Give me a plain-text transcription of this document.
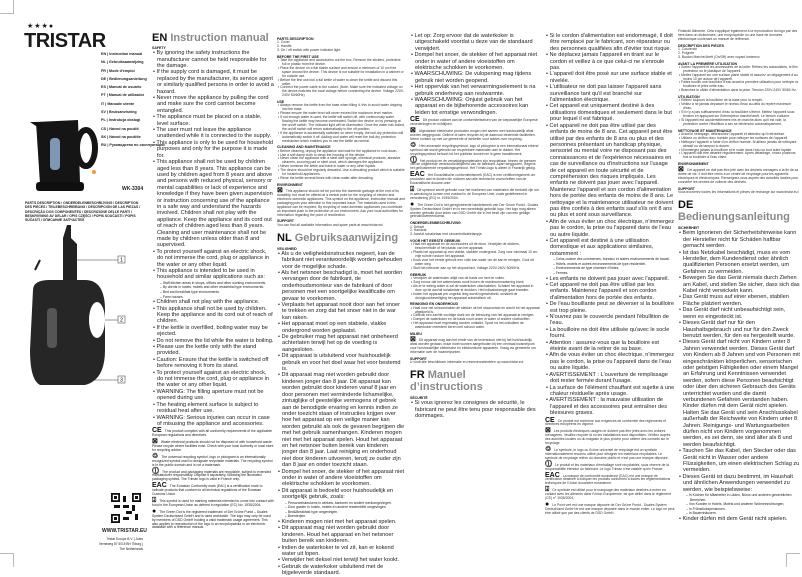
★★★●
TRISTAR
EN | Instruction manual
NL | Gebruiksaanwijzing
FR | Mode d'emploi
DE | Bedienungsanleitung
ES | Manual de usuario
PT | Manual de utilizador
IT | Manuale utente
SV | Bruksanvisning
PL | Instrukcja obsługi
CS | Návod na použití
SK | Návod na použitie
RU | Руководство по эксплуатации
WK-3304
PARTS DESCRIPTION / ONDERDELENBESCHRIJVING / DESCRIPTION DES PIÈCES / TEILEBESCHREIBUNG / DESCRIPCIÓN DE LAS PIEZAS / DESCRIÇÃO DOS COMPONENTES / DESCRIZIONE DELLE PARTI / BESKRIVNING AV DELAR / OPIS CZĘŚCI / POPIS SOUČÁSTÍ / POPIS SÚČASTÍ / ОПИСАНИЕ ЗАПЧАСТЕЙ
1
2
3
WWW.TRISTAR.EU
Tristar Europe B.V. | Jules Verneweg 87 5015 BH Tilburg | The Netherlands
EN Instruction manual
SAFETY
• By ignoring the safety instructions the manufacturer cannot be held responsible for the damage.
• If the supply cord is damaged, it must be replaced by the manufacturer, its service agent or similarly qualified persons in order to avoid a hazard.
• Never move the appliance by pulling the cord and make sure the cord cannot become entangled.
• The appliance must be placed on a stable, level surface.
• The user must not leave the appliance unattended while it is connected to the supply.
• This appliance is only to be used for household purposes and only for the purpose it is made for.
• This appliance shall not be used by children aged less than 8 years. This appliance can be used by children aged from 8 years and above and persons with reduced physical, sensory or mental capabilities or lack of experience and knowledge if they have been given supervision or instruction concerning use of the appliance in a safe way and understand the hazards involved. Children shall not play with the appliance. Keep the appliance and its cord out of reach of children aged less than 8 years. Cleaning and user maintenance shall not be made by children unless older than 8 and supervised.
• To protect yourself against an electric shock, do not immerse the cord, plug or appliance in the water or any other liquid.
• This appliance is intended to be used in household and similar applications such as:
– Staff kitchen areas in shops, offices and other working environments.
– By clients in hotels, motels and other residential type environments.
– Bed and breakfast type environments.
– Farm houses.
• Children shall not play with the appliance.
• This appliance shall not be used by children. Keep the appliance and its cord out of reach of children.
• If the kettle is overfilled, boiling water may be ejected.
• Do not remove the lid while the water is boiling.
• Please use the kettle only with the stand provided.
• Caution: Ensure that the kettle is switched off before removing it from its stand.
• To protect yourself against an electric shock, do not immerse the cord, plug or appliance in the water or any other liquid.
• WARNING: The filling aperture must not be opened during use.
• The heating element surface is subject to residual heat after use.
• WARNING: Serious injuries can occur in case of misusing the appliance and accessories.
CE This product complies with all conformity requirements of the applicable European regulations and directives.
⊠ Waste electrical products should not be disposed of with household waste. Please recycle where facilities exist. Check with your local Authority or local store for recycling advice.
♲ The universal recycling symbol, logo or pictogram is an internationally recognized symbol used to designate recyclable materials. The recycling symbol is in the public domain and is not a trademark.
⓵ The product and packaging materials are recyclable, subject to extended manufacturer responsibility. Dispose it separately, following the illustrated packaging symbol. The Triman logo is valid in France only.
EAC The Eurasian Conformity mark (EAC) is a certification mark to indicate products that conform to all technical regulations of the Eurasian Customs Union.
⍗ This symbol is used for marking materials intended to come into contact with food in the European Union as defined in regulation (EC) No. 1935/2004.
● The Green Dot is the registered trademark of Der Grüne Punkt – Duales System Deutschland GmbH and is used worldwide. The logo may only be used by members of DSD GmbH holding a valid trademark usage agreement. This also applies to reproduction of the logo in an encyclopaedia or an electronic database with a reference manual.
PARTS DESCRIPTION
1. Cover
2. Handle
3. On / off switch with power indicator light
BEFORE THE FIRST USE
• Take the appliance and accessories out the box. Remove the stickers, protective foil or plastic from the device.
• Place the device on a flat stable surface and ensure a minimum of 10 cm free space around the device. This device is not suitable for installation in a cabinet or for outside use.
• Before the first use boil a full kettle of water to clean the kettle and discard this water.
• Connect the power cable to the socket. (Note: Make sure the indicated voltage on the device matches the local voltage before connecting the device. Voltage 220V-240V 50/60Hz)
USE
• Always remove the kettle from the base when filling it, this to avoid water dripping into the base.
• Please ensure the water level will never exceed the maximum level marker.
• If not enough water is used, the kettle will switch off, with continuously water flowing the kettle may become overheated. Switch the device on by pressing at the on/off switch. The indicator light will be illuminated. Once the water has boiled, the on/off switch will return automatically to the off position.
• If the appliance is accidentally switched on when empty, the boil-dry protection will automatically switch it off. Adding cool water will reset the boil-dry protection mechanism which enables you to use the kettle as normal.
CLEANING AND MAINTENANCE
• Before cleaning, unplug the appliance and wait for the appliance to cool down.
• Use a soft damp cloth to clean the housing of the device.
• Never clean the appliance with a steel wire sponge, chemical products, abrasive cleaners, scouring pad or steel wool, which damages the appliance.
• Never immerse the kettle and base in water or any other liquids.
• The device should be regularly descaled. Use a descaling product which is suitable for household appliances.
• Rinse the kettle several times with clean water after descaling.
ENVIRONMENT
⊠ This appliance should not be put into the domestic garbage at the end of its durability, but must be offered at a central point for the recycling of electric and electronic domestic appliances. This symbol on the appliance, instruction manual and packaging puts your attention to this important issue. The materials used in this appliance can be recycled. By recycling of used domestic appliances you contribute an important push to the protection of our environment. Ask your local authorities for information regarding the point of recollection.
SUPPORT
You can find all available information and spare parts at www.tristar.eu!
NL Gebruiksaanwijzing
VEILIGHEID
• Als u de veiligheidsinstructies negeert, kan de fabrikant niet verantwoordelijk worden gehouden voor de mogelijke schade.
• Als het netsnoer beschadigd is, moet het worden vervangen door de fabrikant, de onderhoudsmonteur van de fabrikant of door personen met een soortgelijke kwalificatie om gevaar te voorkomen.
• Verplaats het apparaat nooit door aan het snoer te trekken en zorg dat het snoer niet in de war kan raken.
• Het apparaat moet op een stabiele, vlakke ondergrond worden geplaatst.
• De gebruiker mag het apparaat niet onbeheerd achterlaten terwijl het op de voeding is aangesloten.
• Dit apparaat is uitsluitend voor huishoudelijk gebruik en voor het doel waar het voor bestemd is.
• Dit apparaat mag niet worden gebruikt door kinderen jonger dan 8 jaar. Dit apparaat kan worden gebruikt door kinderen vanaf 8 jaar en door personen met verminderde lichamelijke, zintuiglijke of geestelijke vermogens of gebrek aan de benodigde ervaring en kennis indien ze onder toezicht staan of instructies krijgen over hoe het apparaat op een veilige manier kan worden gebruikt als ook de gevaren begrijpen die met het gebruik samenhangen. Kinderen mogen niet met het apparaat spelen. Houd het apparaat en het netsnoer buiten bereik van kinderen jonger dan 8 jaar. Laat reiniging en onderhoud niet door kinderen uitvoeren, tenzij ze ouder zijn dan 8 jaar en onder toezicht staan.
• Dompel het snoer, de stekker of het apparaat niet onder in water of andere vloeistoffen om elektrische schokken te voorkomen.
• Dit apparaat is bedoeld voor huishoudelijk en soortgelijk gebruik, zoals:
– Personeelskeukens in winkels, kantoren en andere werkomgevingen.
– Door gasten in hotels, motels en andere residentiële omgevingen.
– Bed&Breakfast type omgevingen.
– Boerderijen.
• Kinderen mogen niet met het apparaat spelen.
• Dit apparaat mag niet worden gebruikt door kinderen. Houd het apparaat en het netsnoer buiten bereik van kinderen.
• Indien de waterkoker te vol zit, kan er kokend water uit lopen.
• Verwijder het deksel niet terwijl het water kookt.
• Gebruik de waterkoker uitsluitend met de bijgeleverde standaard.
• Let op: Zorg ervoor dat de waterkoker is uitgeschakeld voordat u deze van de standaard verwijdert.
• Dompel het snoer, de stekker of het apparaat niet onder in water of andere vloeistoffen om elektrische schokken te voorkomen.
• WAARSCHUWING: De vulopening mag tijdens gebruik niet worden geopend.
• Het oppervlak van het verwarmingselement is na gebruik onderhevig aan restwarmte.
• WAARSCHUWING: Onjuist gebruik van het apparaat en de bijbehorende accessoires kan leiden tot ernstige verwondingen.
CE Dit product voldoet aan de conformiteitseisen van de toepasselijke Europese verordeningen en richtlijnen.
⊠ Afgedankte elektrische producten mogen niet samen met huishoudelijk afval worden weggegooid. Gelieve te laten recyclen bij de daarvoor bestemde faciliteiten. Neem contact op met uw gemeente of winkelier voor advies over recycling.
♲ Het universele recyclingsymbool, logo of pictogram is een internationaal erkend symbool dat wordt gebruikt om recyclebare materialen aan te duiden. Het recyclingsymbool behoort tot het publieke domein en is geen handelsmerk.
⓵ Het product en de verpakkingsmaterialen zijn recyclebaar, binnen de grenzen van de uitgebreide verantwoordelijkheid van de fabrikant. Apart weggooien, volgens het geïllustreerde verpakkingssymbool. Het Triman-logo is alleen in Frankrijk geldig.
EAC Het Euraziatische conformiteitsmerk (EAC) is een certificeringsmerk om producten aan te duiden die voldoen aan alle technische voorschriften van de Euraziatische douane-unie.
⍗ Dit symbool wordt gebruikt voor het markeren van materialen die bedoeld zijn om in aanraking te komen met voedsel in de Europese Unie, zoals gedefinieerd in verordening (EG) nr. 1935/2004.
● The Green Dot is het geregistreerde handelsmerk van Der Grüne Punkt - Duales System Deutschland GmbH en is een wereldwijd gebruikt logo. Het logo mag alleen worden gebruikt door leden van DSD GmbH die in het bezit zijn van een geldige gebruiksovereenkomst.
ONDERDELENBESCHRIJVING
1. Deksel
2. Handvat
3. Aan/uit schakelaar met stroomindicatielampje
VOOR HET EERSTE GEBRUIK
• Haal het apparaat en de accessoires uit de doos. Verwijder de stickers, beschermfolie of het plastic van het apparaat.
• Plaats het apparaat op een vlakke, stabiele ondergrond. Zorg voor minimaal 10 cm vrije ruimte rondom het apparaat.
• Kook voor het eerste gebruik een volle kan water om de kan te reinigen. Gooi dit water weg.
• Sluit het netsnoer aan op het stopcontact. Voltage 220V-240V 50/60Hz.
GEBRUIK
• Verwijder de waterkoker altijd van de basis om hem te vullen.
• Zorg ervoor dat het waterniveau nooit boven de maximummarkering komt.
• Als er te weinig water is zal de waterkoker uitschakelen. Schakel het apparaat in door op de aan/uit schakelaar te drukken. Het indicatorlampje gaat branden.
• Indien het apparaat per ongeluk leeg wordt ingeschakeld, schakelt de droogkookbeveiliging het apparaat automatisch uit.
REINIGING EN ONDERHOUD
• Haal voor het schoonmaken de stekker uit het stopcontact en wacht tot het apparaat afgekoeld is.
• Gebruik een zachte vochtige doek om de behuizing van het apparaat te reinigen.
• Dompel de waterkoker en de basis nooit onder in water of andere vloeistoffen.
• Het apparaat moet regelmatig worden ontkalkt. Spoel na het ontkalken de waterkoker meerdere keren met schoon water.
MILIEU
⊠ Dit apparaat mag aan het einde van de levensduur niet bij het huishoudelijk afval worden gedaan, maar moet worden aangeboden bij een centraal inzamelpunt voor huishoudelijke elektrische en elektronische apparaten. Vraag uw gemeente om informatie over de inzamelpunten.
SUPPORT
U vindt alle beschikbare informatie en reserveonderdelen op www.tristar.eu!
FR Manuel d’instructions
SÉCURITÉ
• Si vous ignorez les consignes de sécurité, le fabricant ne peut être tenu pour responsable des dommages.
• Si le cordon d'alimentation est endommagé, il doit être remplacé par le fabricant, son réparateur ou des personnes qualifiées afin d'éviter tout risque.
• Ne déplacez jamais l'appareil en tirant sur le cordon et veillez à ce que celui-ci ne s'enroule pas.
• L'appareil doit être posé sur une surface stable et nivelée.
• L'utilisateur ne doit pas laisser l'appareil sans surveillance tant qu'il est branché sur l'alimentation électrique.
• Cet appareil est uniquement destiné à des utilisations domestiques et seulement dans le but pour lequel il est fabriqué.
• Cet appareil ne doit pas être utilisé par des enfants de moins de 8 ans. Cet appareil peut être utilisé par des enfants de 8 ans ou plus et des personnes présentant un handicap physique, sensoriel ou mental voire ne disposant pas des connaissances et de l'expérience nécessaires en cas de surveillance ou d'instructions sur l'usage de cet appareil en toute sécurité et de compréhension des risques impliqués. Les enfants ne doivent pas jouer avec l'appareil. Maintenez l'appareil et son cordon d'alimentation hors de portée des enfants de moins de 8 ans. Le nettoyage et la maintenance utilisateur ne doivent pas être confiés à des enfants sauf s'ils ont 8 ans ou plus et sont sous surveillance.
• Afin de vous éviter un choc électrique, n'immergez pas le cordon, la prise ou l'appareil dans de l'eau ou autre liquide.
• Cet appareil est destiné à une utilisation domestique et aux applications similaires, notamment :
– Coins cuisine des commerces, bureaux et autres environnements de travail.
– Hôtels, motels et autres environnements de type résidentiel.
– Environnements de type chambre d'hôtes.
– Fermes.
• Les enfants ne doivent pas jouer avec l'appareil.
• Cet appareil ne doit pas être utilisé par les enfants. Maintenez l'appareil et son cordon d'alimentation hors de portée des enfants.
• De l'eau bouillante peut se déverser si la bouilloire est trop pleine.
• N'ouvrez pas le couvercle pendant l'ébullition de l'eau.
• La bouilloire ne doit être utilisée qu'avec le socle fourni.
• Attention : assurez-vous que la bouilloire est éteinte avant de la retirer de sa base.
• Afin de vous éviter un choc électrique, n'immergez pas le cordon, la prise ou l'appareil dans de l'eau ou autre liquide.
• AVERTISSEMENT : L'ouverture de remplissage doit rester fermée durant l'usage.
• La surface de l'élément chauffant est sujette à une chaleur résiduelle après usage.
• AVERTISSEMENT : la mauvaise utilisation de l'appareil et des accessoires peut entraîner des blessures graves.
CE Ce produit est conforme aux exigences de conformité des règlements et directives européens en vigueur.
⊠ Les produits électriques usagés ne doivent pas être jetés avec les ordures ménagères. Veuillez recycler là où les installations sont disponibles. Vérifiez auprès des autorités locales ou du magasin le plus proche pour obtenir des conseils sur le recyclage.
♲ Le symbole, le logo ou l'icône universel de recyclage est un symbole internationalement reconnu utilisé pour désigner les matériaux recyclables. Le symbole de recyclage relève du domaine public et n'est pas une marque déposée.
⓵ Le produit et les matériaux d'emballage sont recyclables, sous réserve de la responsabilité étendue du fabricant. Le logo Triman n'est valable qu'en France.
EAC La marque de conformité eurasienne (EAC) est une marque de certification destinée à indiquer les produits conformes à toutes les réglementations techniques de l'Union douanière eurasienne.
⍗ Ce symbole est utilisé pour le marquage des matériaux destinés à entrer en contact avec les aliments dans l'Union Européenne, tel que défini dans le règlement (CE) n° 1935/2004.
● Le Point vert est une marque déposée de Der Grüne Punkt - Duales System Deutschland GmbH et est une marque déposée dans le monde entier. Le logo ne peut être utilisé que par des clients de DSD GmbH.
Finlande Alimente. Cela s'applique également à la reproduction du logo par des tiers dans un dictionnaire, une encyclopédie ou une base de données électronique contenant un manuel de référence.
DESCRIPTION DES PIÈCES
1. Couvercle
2. Poignée
3. Bouton Marche/Arrêt (On/Off) avec voyant lumineux
AVANT LA PREMIÈRE UTILISATION
• Sortez l'appareil et les accessoires de la boîte. Retirez les autocollants, le film protecteur ou le plastique de l'appareil.
• Mettez l'appareil sur une surface plane stable et assurez un dégagement d'au moins 10 cm autour de l'appareil.
• Faites bouillir une bouilloire d'eau avant la première utilisation pour nettoyer la bouilloire et jetez cette eau.
• Branchez le câble d'alimentation dans la prise. Tension 220V-240V 50/60 Hz.
UTILISATION
• Retirez toujours la bouilloire de la base pour la remplir.
• Veillez à ne jamais dépasser le niveau d'eau au-delà du repère maximum d'eau.
• S'il n'y a pas suffisamment d'eau la bouilloire s'éteint. Mettez l'appareil sous tension en appuyant sur l'interrupteur marche/arrêt. Le témoin s'allume.
• Si l'appareil est accidentellement mis en marche alors qu'il est vide, la protection contre l'ébullition à sec se déclenche automatiquement.
NETTOYAGE ET MAINTENANCE
• Avant le nettoyage, débranchez l'appareil et attendez qu'il refroidisse.
• Utilisez un chiffon doux humide pour nettoyer les surfaces de l'appareil.
• Nettoyez l'appareil à l'aide d'un chiffon humide. N'utilisez jamais de nettoyant abrasif ou de tampon à récurer.
• N'immergez jamais la bouilloire et le socle dans l'eau ou tout autre liquide.
• L'appareil doit être détartré régulièrement. Après détartrage, rincez plusieurs fois la bouilloire à l'eau claire.
ENVIRONNEMENT
⊠ Cet appareil ne doit pas être jeté avec les déchets ménagers à la fin de sa durée de vie. Il doit être remis à un centre de recyclage pour les appareils électriques et électroniques. Renseignez-vous auprès des autorités locales pour connaître les centres de collecte des déchets.
SUPPORT
Vous trouverez toutes les informations et pièces de rechange sur www.tristar.eu !
DE Bedienungsanleitung
SICHERHEIT
• Beim Ignorieren der Sicherheitshinweise kann der Hersteller nicht für Schäden haftbar gemacht werden.
• Ist das Netzkabel beschädigt, muss es vom Hersteller, dem Kundendienst oder ähnlich qualifizierten Personen ersetzt werden, um Gefahren zu vermeiden.
• Bewegen Sie das Gerät niemals durch Ziehen am Kabel, und stellen Sie sicher, dass sich das Kabel nicht verwickeln kann.
• Das Gerät muss auf einer ebenen, stabilen Fläche platziert werden.
• Das Gerät darf nicht unbeaufsichtigt sein, wenn es eingesteckt ist.
• Dieses Gerät darf nur für den Haushaltsgebrauch und nur für den Zweck benutzt werden, für den es hergestellt wurde.
• Dieses Gerät darf nicht von Kindern unter 8 Jahren verwendet werden. Dieses Gerät darf von Kindern ab 8 Jahren und von Personen mit eingeschränkten körperlichen, sensorischen oder geistigen Fähigkeiten oder einem Mangel an Erfahrung und Kenntnissen verwendet werden, sofern diese Personen beaufsichtigt oder über den sicheren Gebrauch des Geräts unterrichtet wurden und die damit verbundenen Gefahren verstanden haben. Kinder dürfen mit dem Gerät nicht spielen. Halten Sie das Gerät und sein Anschlusskabel außerhalb der Reichweite von Kindern unter 8 Jahren. Reinigungs- und Wartungsarbeiten dürfen nicht von Kindern vorgenommen werden, es sei denn, sie sind älter als 8 und werden beaufsichtigt.
• Tauchen Sie das Kabel, den Stecker oder das Gerät nicht in Wasser oder andere Flüssigkeiten, um einen elektrischen Schlag zu vermeiden.
• Dieses Gerät ist dazu bestimmt, im Haushalt und ähnlichen Anwendungen verwendet zu werden, wie beispielsweise:
– In Küchen für Mitarbeiter in Läden, Büros und anderen gewerblichen Bereichen.
– Von Kunden in Hotels, Motels und anderen Wohneinrichtungen.
– In Frühstückspensionen.
– In Bauernhäusern.
• Kinder dürfen mit dem Gerät nicht spielen.
